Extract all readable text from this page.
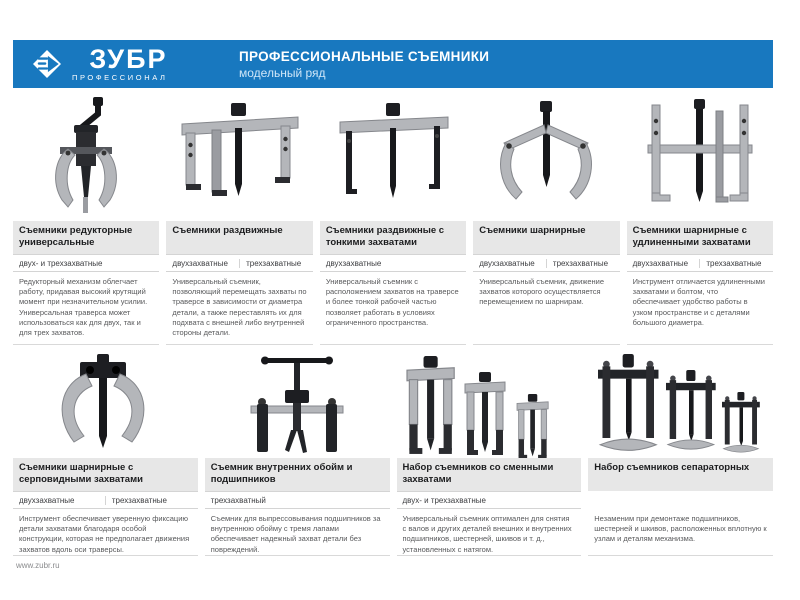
ЗУБР
ПРОФЕССИОНАЛ
ПРОФЕССИОНАЛЬНЫЕ СЪЕМНИКИ
модельный ряд
Съемники редукторные универсальные
двух- и трехзахватные
Редукторный механизм облегчает работу, придавая высокий крутящий момент при незначительном усилии. Универсальная траверса может использоваться как для двух, так и для трех захватов.
Съемники раздвижные
двухзахватные	трехзахватные
Универсальный съемник, позволяющий перемещать захваты по траверсе в зависимости от диаметра детали, а также переставлять их для подхвата с внешней либо внутренней стороны детали.
Съемники раздвижные с тонкими захватами
двухзахватные
Универсальный съемник с расположением захватов на траверсе и более тонкой рабочей частью позволяет работать в условиях ограниченного пространства.
Съемники шарнирные
двухзахватные	трехзахватные
Универсальный съемник, движение захватов которого осуществляется перемещением по шарнирам.
Съемники шарнирные с удлиненными захватами
двухзахватные	трехзахватные
Инструмент отличается удлиненными захватами и болтом, что обеспечивает удобство работы в узком пространстве и с деталями большого диаметра.
Съемники шарнирные с серповидными захватами
двухзахватные	трехзахватные
Инструмент обеспечивает уверенную фиксацию детали захватами благодаря особой конструкции, которая не предполагает движения захватов вдоль оси траверсы.
Съемник внутренних обойм и подшипников
трехзахватный
Съемник для выпрессовывания подшипников за внутреннюю обойму с тремя лапами обеспечивает надежный захват детали без повреждений.
Набор съемников со сменными захватами
двух- и трехзахватные
Универсальный съемник оптимален для снятия с валов и других деталей внешних и внутренних подшипников, шестерней, шкивов и т. д., установленных с натягом.
Набор съемников сепараторных
Незаменим при демонтаже подшипников, шестерней и шкивов, расположенных вплотную к узлам и деталям механизма.
www.zubr.ru
